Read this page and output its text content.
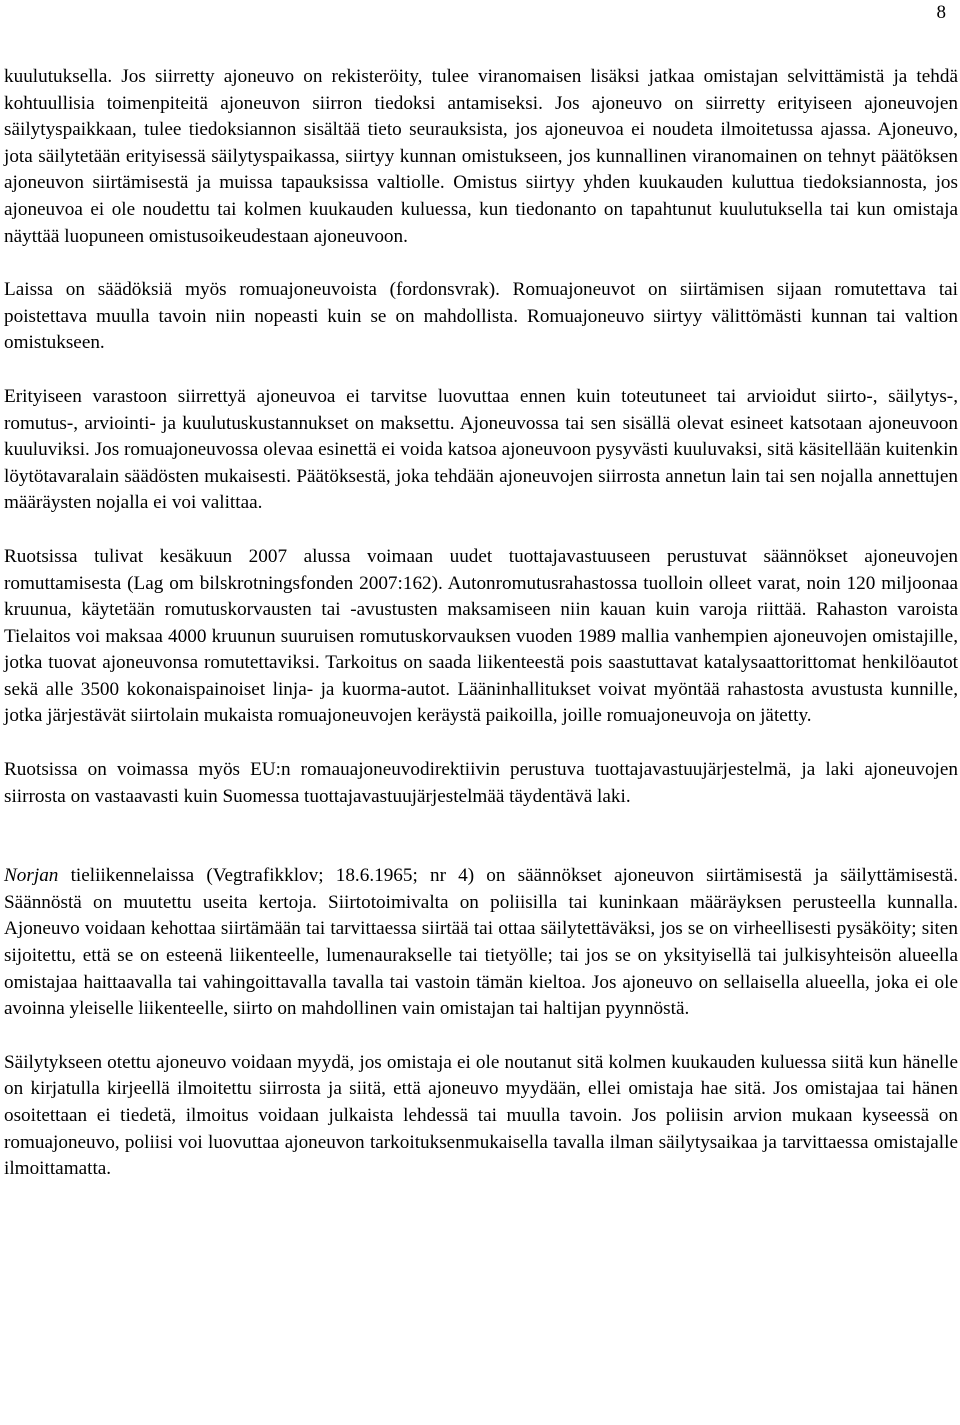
8

kuulutuksella. Jos siirretty ajoneuvo on rekisteröity, tulee viranomaisen lisäksi jatkaa omistajan selvittämistä ja tehdä kohtuullisia toimenpiteitä ajoneuvon siirron tiedoksi antamiseksi. Jos ajoneuvo on siirretty erityiseen ajoneuvojen säilytyspaikkaan, tulee tiedoksiannon sisältää tieto seurauksista, jos ajoneuvoa ei noudeta ilmoitetussa ajassa. Ajoneuvo, jota säilytetään erityisessä säilytyspaikassa, siirtyy kunnan omistukseen, jos kunnallinen viranomainen on tehnyt päätöksen ajoneuvon siirtämisestä ja muissa tapauksissa valtiolle. Omistus siirtyy yhden kuukauden kuluttua tiedoksiannosta, jos ajoneuvoa ei ole noudettu tai kolmen kuukauden kuluessa, kun tiedonanto on tapahtunut kuulutuksella tai kun omistaja näyttää luopuneen omistusoikeudestaan ajoneuvoon.

Laissa on säädöksiä myös romuajoneuvoista (fordonsvrak). Romuajoneuvot on siirtämisen sijaan romutettava tai poistettava muulla tavoin niin nopeasti kuin se on mahdollista. Romuajoneuvo siirtyy välittömästi kunnan tai valtion omistukseen.

Erityiseen varastoon siirrettyä ajoneuvoa ei tarvitse luovuttaa ennen kuin toteutuneet tai arvioidut siirto-, säilytys-, romutus-, arviointi- ja kuulutuskustannukset on maksettu. Ajoneuvossa tai sen sisällä olevat esineet katsotaan ajoneuvoon kuuluviksi. Jos romuajoneuvossa olevaa esinettä ei voida katsoa ajoneuvoon pysyvästi kuuluvaksi, sitä käsitellään kuitenkin löytötavaralain säädösten mukaisesti. Päätöksestä, joka tehdään ajoneuvojen siirrosta annetun lain tai sen nojalla annettujen määräysten nojalla ei voi valittaa.

Ruotsissa tulivat kesäkuun 2007 alussa voimaan uudet tuottajavastuuseen perustuvat säännökset ajoneuvojen romuttamisesta (Lag om bilskrotningsfonden 2007:162). Autonromutusrahastossa tuolloin olleet varat, noin 120 miljoonaa kruunua, käytetään romutuskorvausten tai -avustusten maksamiseen niin kauan kuin varoja riittää. Rahaston varoista Tielaitos voi maksaa 4000 kruunun suuruisen romutuskorvauksen vuoden 1989 mallia vanhempien ajoneuvojen omistajille, jotka tuovat ajoneuvonsa romutettaviksi. Tarkoitus on saada liikenteestä pois saastuttavat katalysaattorittomat henkilöautot sekä alle 3500 kokonaispainoiset linja- ja kuorma-autot. Lääninhallitukset voivat myöntää rahastosta avustusta kunnille, jotka järjestävät siirtolain mukaista romuajoneuvojen keräystä paikoilla, joille romuajoneuvoja on jätetty.

Ruotsissa on voimassa myös EU:n romauajoneuvodirektiivin perustuva tuottajavastuujärjestelmä, ja laki ajoneuvojen siirrosta on vastaavasti kuin Suomessa tuottajavastuujärjestelmää täydentävä laki.

Norjan tieliikennelaissa (Vegtrafikklov; 18.6.1965; nr 4) on säännökset ajoneuvon siirtämisestä ja säilyttämisestä. Säännöstä on muutettu useita kertoja. Siirtotoimivalta on poliisilla tai kuninkaan määräyksen perusteella kunnalla. Ajoneuvo voidaan kehottaa siirtämään tai tarvittaessa siirtää tai ottaa säilytettäväksi, jos se on virheellisesti pysäköity; siten sijoitettu, että se on esteenä liikenteelle, lumenaurakselle tai tietyölle; tai jos se on yksityisellä tai julkisyhteisön alueella omistajaa haittaavalla tai vahingoittavalla tavalla tai vastoin tämän kieltoa. Jos ajoneuvo on sellaisella alueella, joka ei ole avoinna yleiselle liikenteelle, siirto on mahdollinen vain omistajan tai haltijan pyynnöstä.

Säilytykseen otettu ajoneuvo voidaan myydä, jos omistaja ei ole noutanut sitä kolmen kuukauden kuluessa siitä kun hänelle on kirjatulla kirjeellä ilmoitettu siirrosta ja siitä, että ajoneuvo myydään, ellei omistaja hae sitä. Jos omistajaa tai hänen osoitettaan ei tiedetä, ilmoitus voidaan julkaista lehdessä tai muulla tavoin. Jos poliisin arvion mukaan kyseessä on romuajoneuvo, poliisi voi luovuttaa ajoneuvon tarkoituksenmukaisella tavalla ilman säilytysaikaa ja tarvittaessa omistajalle ilmoittamatta.
